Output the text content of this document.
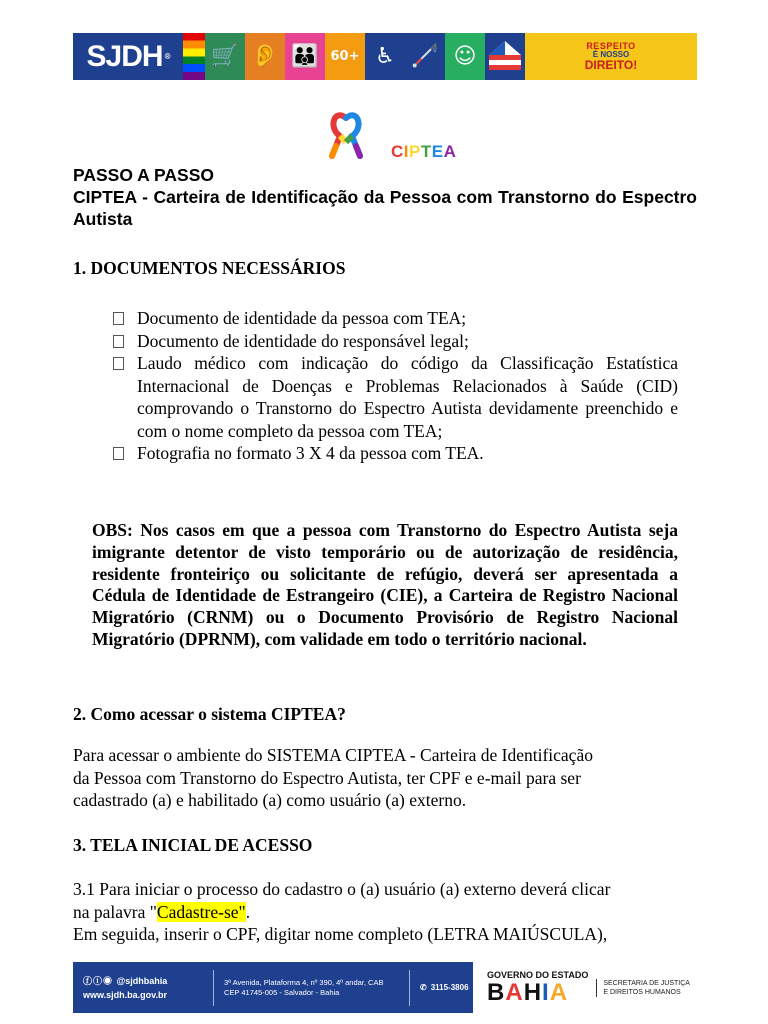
SJDH ® 🛒 👂 👪 60+ ♿ 🦯 ☺	RESPEITO
É NOSSO
DIREITO!
CIPTEA

PASSO A PASSO

CIPTEA - Carteira de Identificação da Pessoa com Transtorno do Espectro Autista

1. DOCUMENTOS NECESSÁRIOS
Documento de identidade da pessoa com TEA;
Documento de identidade do responsável legal;
Laudo médico com indicação do código da Classificação Estatística Internacional de Doenças e Problemas Relacionados à Saúde (CID) comprovando o Transtorno do Espectro Autista devidamente preenchido e com o nome completo da pessoa com TEA;
Fotografia no formato 3 X 4 da pessoa com TEA.
OBS: Nos casos em que a pessoa com Transtorno do Espectro Autista seja imigrante detentor de visto temporário ou de autorização de residência, residente fronteiriço ou solicitante de refúgio, deverá ser apresentada a Cédula de Identidade de Estrangeiro (CIE), a Carteira de Registro Nacional Migratório (CRNM) ou o Documento Provisório de Registro Nacional Migratório (DPRNM), com validade em todo o território nacional.
2. Como acessar o sistema CIPTEA?

Para acessar o ambiente do SISTEMA CIPTEA - Carteira de Identificação
da Pessoa com Transtorno do Espectro Autista, ter CPF e e-mail para ser
cadastrado (a) e habilitado (a) como usuário (a) externo.

3. TELA INICIAL DE ACESSO

3.1 Para iniciar o processo do cadastro o (a) usuário (a) externo deverá clicar
na palavra "Cadastre-se".
Em seguida, inserir o CPF, digitar nome completo (LETRA MAIÚSCULA),

ⓕⓘ◉ @sjdhbahia
www.sjdh.ba.gov.br
3ª Avenida, Plataforma 4, nº 390, 4º andar, CAB
CEP 41745-005 - Salvador - Bahia	✆ 3115-3806
GOVERNO DO ESTADO
BAHIA	SECRETARIA DE JUSTIÇA
E DIREITOS HUMANOS
